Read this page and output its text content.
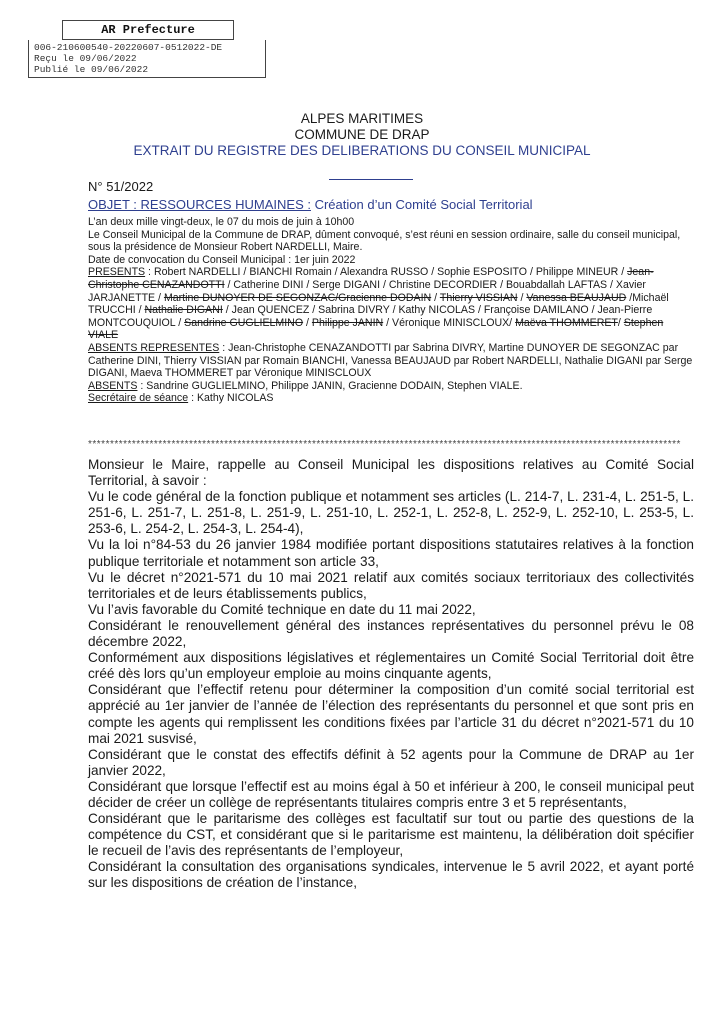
AR Prefecture
006-210600540-20220607-0512022-DE
Reçu le 09/06/2022
Publié le 09/06/2022
ALPES MARITIMES
COMMUNE DE DRAP
EXTRAIT DU REGISTRE DES DELIBERATIONS DU CONSEIL MUNICIPAL
N° 51/2022
OBJET : RESSOURCES HUMAINES : Création d’un Comité Social Territorial

L’an deux mille vingt-deux, le 07 du mois de juin à 10h00

Le Conseil Municipal de la Commune de DRAP, dûment convoqué, s’est réuni en session ordinaire, salle du conseil municipal, sous la présidence de Monsieur Robert NARDELLI, Maire.

Date de convocation du Conseil Municipal : 1er juin 2022

PRESENTS : Robert NARDELLI / BIANCHI Romain / Alexandra RUSSO / Sophie ESPOSITO / Philippe MINEUR / Jean-Christophe CENAZANDOTTI / Catherine DINI / Serge DIGANI / Christine DECORDIER / Bouabdallah LAFTAS / Xavier JARJANETTE / Martine DUNOYER DE SEGONZAC/Gracienne DODAIN / Thierry VISSIAN / Vanessa BEAUJAUD /Michaël TRUCCHI / Nathalie DIGANI / Jean QUENCEZ / Sabrina DIVRY / Kathy NICOLAS / Françoise DAMILANO / Jean-Pierre MONTCOUQUIOL / Sandrine GUGLIELMINO / Philippe JANIN / Véronique MINISCLOUX/ Maëva THOMMERET/ Stephen VIALE

ABSENTS REPRESENTES : Jean-Christophe CENAZANDOTTI par Sabrina DIVRY, Martine DUNOYER DE SEGONZAC par Catherine DINI, Thierry VISSIAN par Romain BIANCHI, Vanessa BEAUJAUD par Robert NARDELLI, Nathalie DIGANI par Serge DIGANI, Maeva THOMMERET par Véronique MINISCLOUX

ABSENTS : Sandrine GUGLIELMINO, Philippe JANIN, Gracienne DODAIN, Stephen VIALE.

Secrétaire de séance : Kathy NICOLAS

***************************************************************************************************************************************

Monsieur le Maire, rappelle au Conseil Municipal les dispositions relatives au Comité Social Territorial, à savoir :

Vu le code général de la fonction publique et notamment ses articles (L. 214-7, L. 231-4, L. 251-5, L. 251-6, L. 251-7, L. 251-8, L. 251-9, L. 251-10, L. 252-1, L. 252-8, L. 252-9, L. 252-10, L. 253-5, L. 253-6, L. 254-2, L. 254-3, L. 254-4),

Vu la loi n°84-53 du 26 janvier 1984 modifiée portant dispositions statutaires relatives à la fonction publique territoriale et notamment son article 33,

Vu le décret n°2021-571 du 10 mai 2021 relatif aux comités sociaux territoriaux des collectivités territoriales et de leurs établissements publics,

Vu l’avis favorable du Comité technique en date du 11 mai 2022,

Considérant le renouvellement général des instances représentatives du personnel prévu le 08 décembre 2022,

Conformément aux dispositions législatives et réglementaires un Comité Social Territorial doit être créé dès lors qu’un employeur emploie au moins cinquante agents,

Considérant que l’effectif retenu pour déterminer la composition d’un comité social territorial est apprécié au 1er janvier de l’année de l’élection des représentants du personnel et que sont pris en compte les agents qui remplissent les conditions fixées par l’article 31 du décret n°2021-571 du 10 mai 2021 susvisé,

Considérant que le constat des effectifs définit à 52 agents pour la Commune de DRAP au 1er janvier 2022,

Considérant que lorsque l’effectif est au moins égal à 50 et inférieur à 200, le conseil municipal peut décider de créer un collège de représentants titulaires compris entre 3 et 5 représentants,

Considérant que le paritarisme des collèges est facultatif sur tout ou partie des questions de la compétence du CST, et considérant que si le paritarisme est maintenu, la délibération doit spécifier le recueil de l’avis des représentants de l’employeur,

Considérant la consultation des organisations syndicales, intervenue le 5 avril 2022, et ayant porté sur les dispositions de création de l’instance,
